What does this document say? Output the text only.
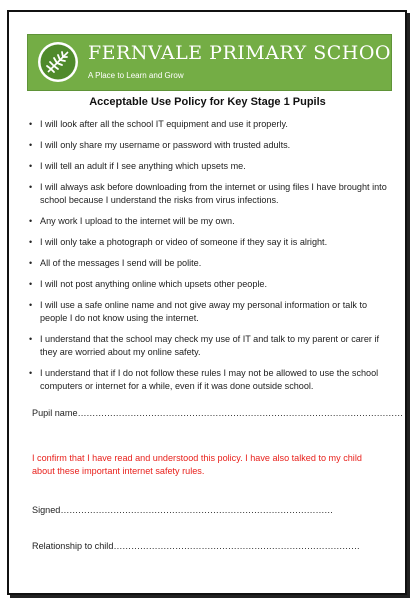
FERNVALE PRIMARY SCHOOL
A Place to Learn and Grow
Acceptable Use Policy for Key Stage 1 Pupils
• I will look after all the school IT equipment and use it properly.
• I will only share my username or password with trusted adults.
• I will tell an adult if I see anything which upsets me.
• I will always ask before downloading from the internet or using files I have brought into school because I understand the risks from virus infections.
• Any work I upload to the internet will be my own.
• I will only take a photograph or video of someone if they say it is alright.
• All of the messages I send will be polite.
• I will not post anything online which upsets other people.
• I will use a safe online name and not give away my personal information or talk to people I do not know using the internet.
• I understand that the school may check my use of IT and talk to my parent or carer if they are worried about my online safety.
• I understand that if I do not follow these rules I may not be allowed to use the school computers or internet for a while, even if it was done outside school.
Pupil name…………………………………………………………………………………………………
I confirm that I have read and understood this policy. I have also talked to my child about these important internet safety rules.
Signed…………………………………………………………………………………
Relationship to child…………………………………………………………………………
